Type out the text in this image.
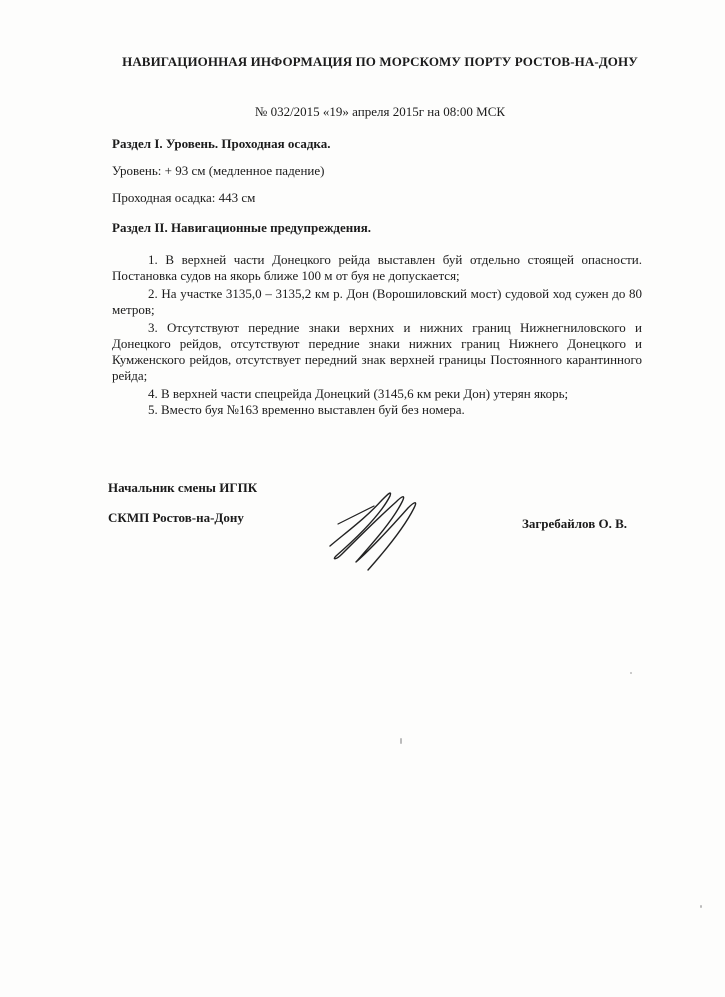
НАВИГАЦИОННАЯ ИНФОРМАЦИЯ ПО МОРСКОМУ ПОРТУ РОСТОВ-НА-ДОНУ
№ 032/2015 «19» апреля 2015г на 08:00 МСК
Раздел I. Уровень. Проходная осадка.
Уровень: + 93 см (медленное падение)
Проходная осадка: 443 см
Раздел II. Навигационные предупреждения.
1. В верхней части Донецкого рейда выставлен буй отдельно стоящей опасности. Постановка судов на якорь ближе 100 м от буя не допускается;
2. На участке 3135,0 – 3135,2 км р. Дон (Ворошиловский мост) судовой ход сужен до 80 метров;
3. Отсутствуют передние знаки верхних и нижних границ Нижнегниловского и Донецкого рейдов, отсутствуют передние знаки нижних границ Нижнего Донецкого и Кумженского рейдов, отсутствует передний знак верхней границы Постоянного карантинного рейда;
4. В верхней части спецрейда Донецкий (3145,6 км реки Дон) утерян якорь;
5. Вместо буя №163 временно выставлен буй без номера.
Начальник смены ИГПК
СКМП Ростов-на-Дону	Загребайлов О. В.
